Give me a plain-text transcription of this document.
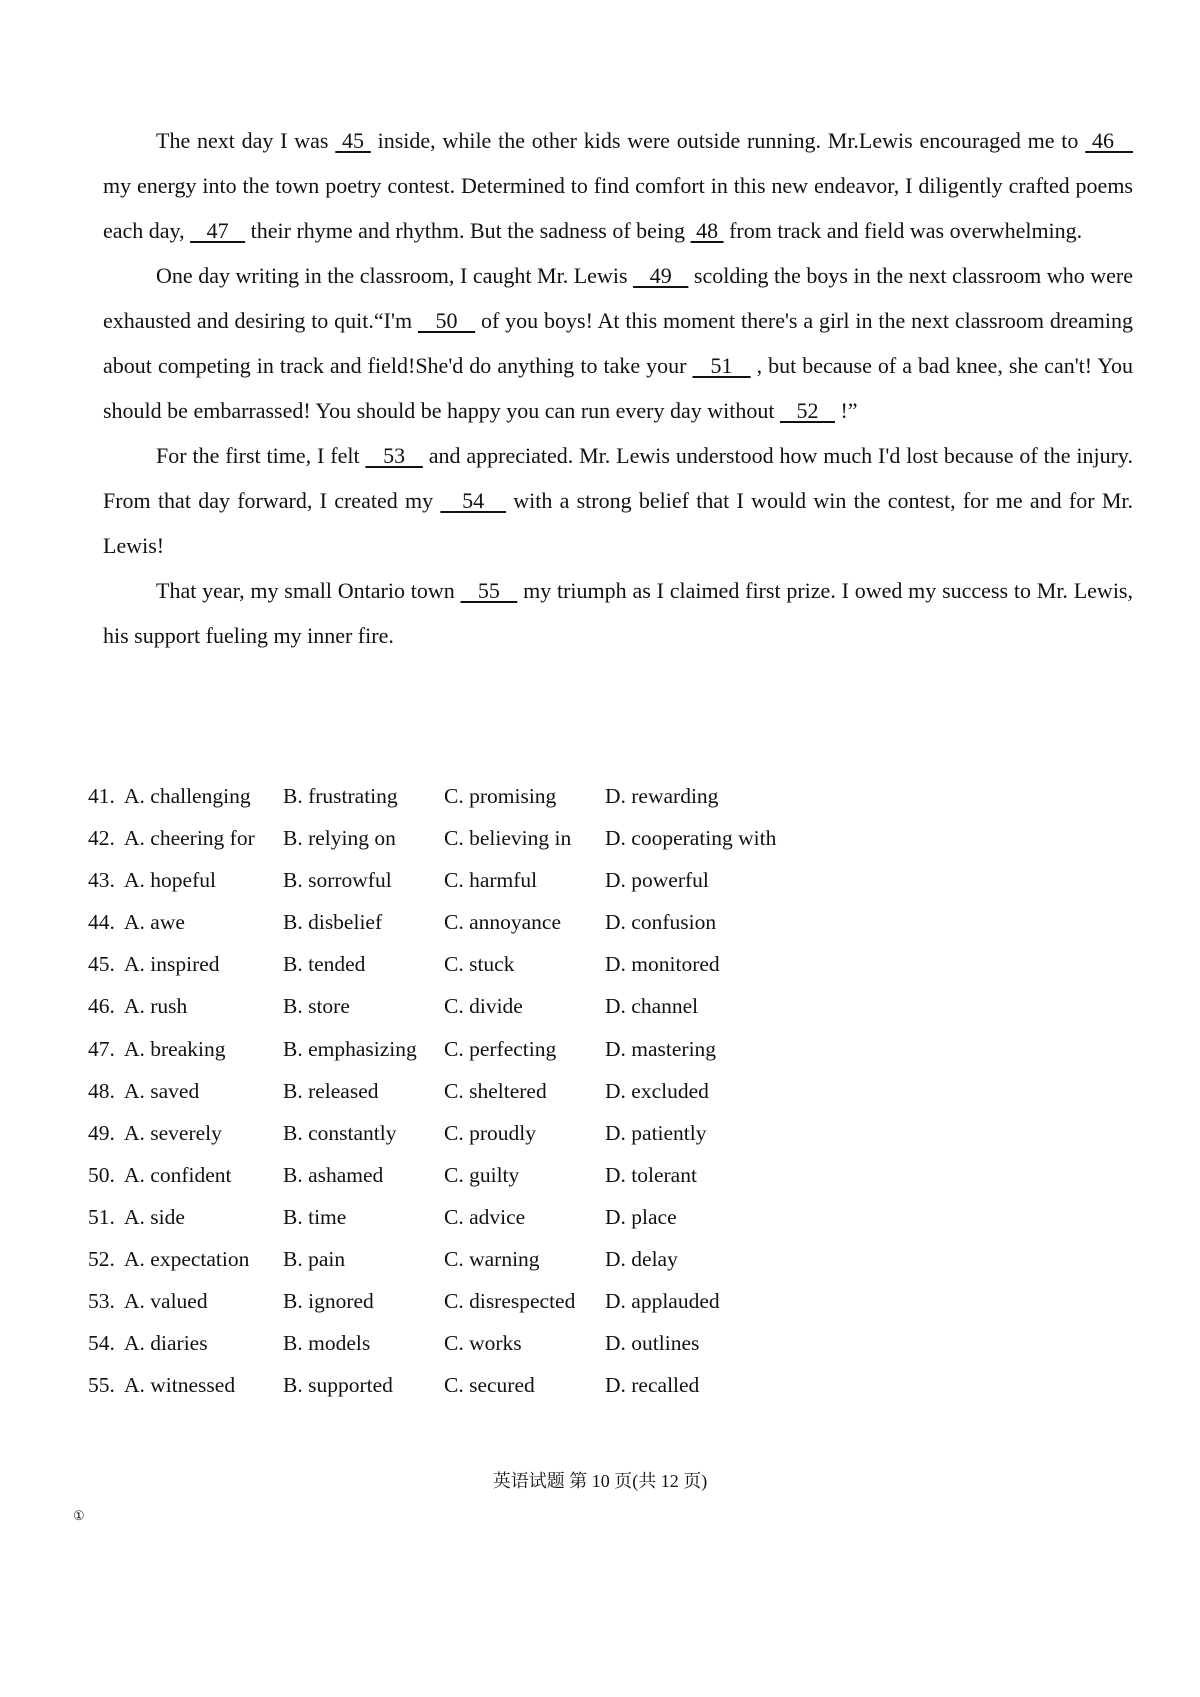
The next day I was  45  inside, while the other kids were outside running. Mr.Lewis encouraged me to  46    my energy into the town poetry contest. Determined to find comfort in this new endeavor, I diligently crafted poems each day,    47    their rhyme and rhythm. But the sadness of being  48  from track and field was overwhelming.

One day writing in the classroom, I caught Mr. Lewis    49    scolding the boys in the next classroom who were exhausted and desiring to quit.“I'm    50    of you boys! At this moment there's a girl in the next classroom dreaming about competing in track and field!She'd do anything to take your    51    , but because of a bad knee, she can't! You should be embarrassed! You should be happy you can run every day without    52    !”

For the first time, I felt    53    and appreciated. Mr. Lewis understood how much I'd lost because of the injury. From that day forward, I created my    54    with a strong belief that I would win the contest, for me and for Mr. Lewis!

That year, my small Ontario town    55    my triumph as I claimed first prize. I owed my success to Mr. Lewis, his support fueling my inner fire.

41. A. challenging B. frustrating C. promising D. rewarding
42. A. cheering for B. relying on C. believing in D. cooperating with
43. A. hopeful	B. sorrowful C. harmful	D. powerful
44. A. awe	B. disbelief	C. annoyance D. confusion
45. A. inspired	B. tended	C. stuck	D. monitored
46. A. rush	B. store	C. divide	D. channel
47. A. breaking	B. emphasizing C. perfecting D. mastering
48. A. saved	B. released	C. sheltered	D. excluded
49. A. severely	B. constantly C. proudly	D. patiently
50. A. confident B. ashamed	C. guilty	D. tolerant
51. A. side	B. time	C. advice	D. place
52. A. expectation B. pain	C. warning	D. delay
53. A. valued	B. ignored	C. disrespected D. applauded
54. A. diaries	B. models	C. works	D. outlines
55. A. witnessed B. supported C. secured	D. recalled
英语试题 第 10 页(共 12 页)
①
